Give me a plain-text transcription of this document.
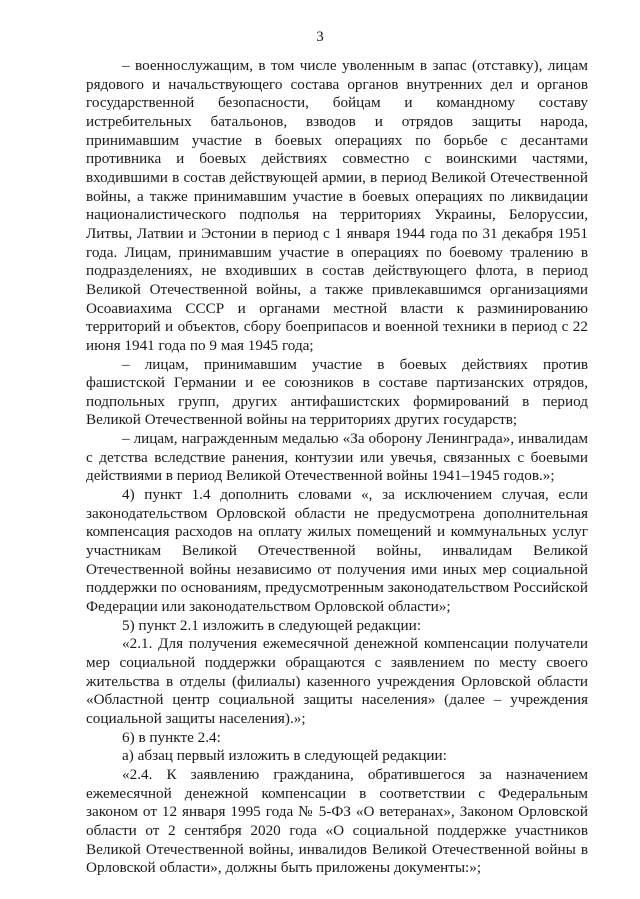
3

– военнослужащим, в том числе уволенным в запас (отставку), лицам рядового и начальствующего состава органов внутренних дел и органов государственной безопасности, бойцам и командному составу истребительных батальонов, взводов и отрядов защиты народа, принимавшим участие в боевых операциях по борьбе с десантами противника и боевых действиях совместно с воинскими частями, входившими в состав действующей армии, в период Великой Отечественной войны, а также принимавшим участие в боевых операциях по ликвидации националистического подполья на территориях Украины, Белоруссии, Литвы, Латвии и Эстонии в период с 1 января 1944 года по 31 декабря 1951 года. Лицам, принимавшим участие в операциях по боевому тралению в подразделениях, не входивших в состав действующего флота, в период Великой Отечественной войны, а также привлекавшимся организациями Осоавиахима СССР и органами местной власти к разминированию территорий и объектов, сбору боеприпасов и военной техники в период с 22 июня 1941 года по 9 мая 1945 года;

– лицам, принимавшим участие в боевых действиях против фашистской Германии и ее союзников в составе партизанских отрядов, подпольных групп, других антифашистских формирований в период Великой Отечественной войны на территориях других государств;

– лицам, награжденным медалью «За оборону Ленинграда», инвалидам с детства вследствие ранения, контузии или увечья, связанных с боевыми действиями в период Великой Отечественной войны 1941–1945 годов.»;

4) пункт 1.4 дополнить словами «, за исключением случая, если законодательством Орловской области не предусмотрена дополнительная компенсация расходов на оплату жилых помещений и коммунальных услуг участникам Великой Отечественной войны, инвалидам Великой Отечественной войны независимо от получения ими иных мер социальной поддержки по основаниям, предусмотренным законодательством Российской Федерации или законодательством Орловской области»;

5) пункт 2.1 изложить в следующей редакции:

«2.1. Для получения ежемесячной денежной компенсации получатели мер социальной поддержки обращаются с заявлением по месту своего жительства в отделы (филиалы) казенного учреждения Орловской области «Областной центр социальной защиты населения» (далее – учреждения социальной защиты населения).»;

6) в пункте 2.4:

а) абзац первый изложить в следующей редакции:

«2.4. К заявлению гражданина, обратившегося за назначением ежемесячной денежной компенсации в соответствии с Федеральным законом от 12 января 1995 года № 5-ФЗ «О ветеранах», Законом Орловской области от 2 сентября 2020 года «О социальной поддержке участников Великой Отечественной войны, инвалидов Великой Отечественной войны в Орловской области», должны быть приложены документы:»;
